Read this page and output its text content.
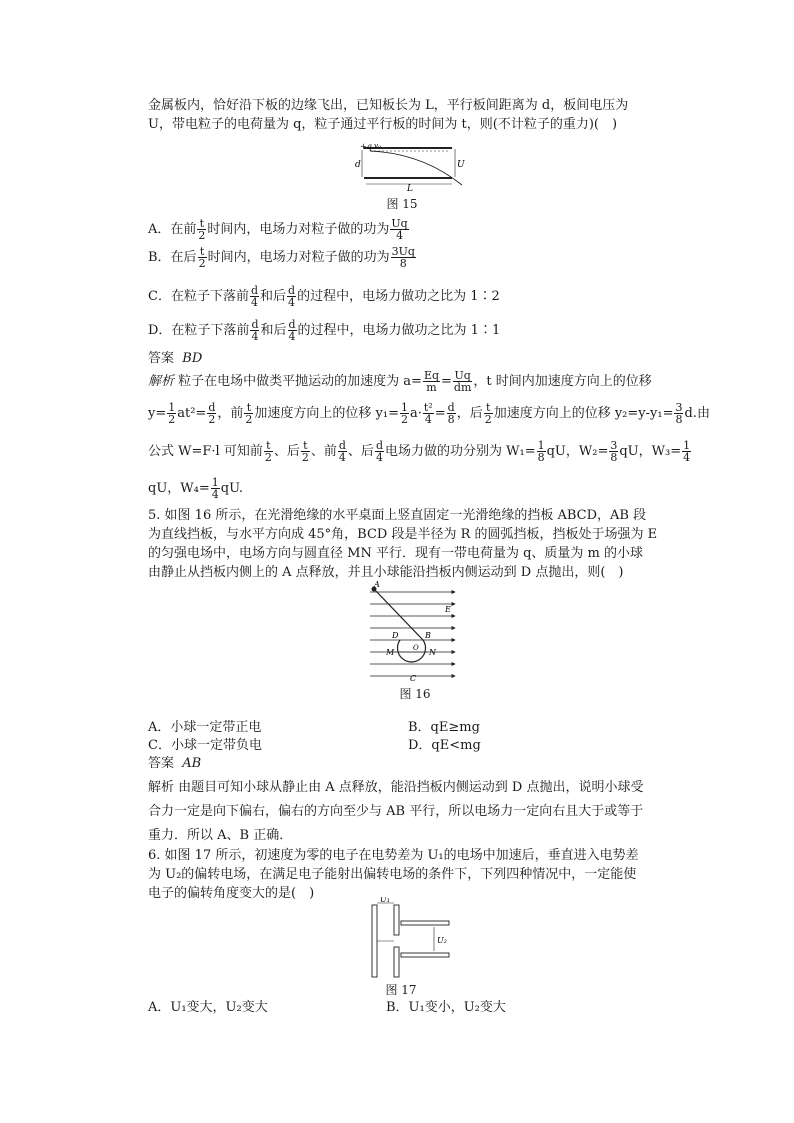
金属板内，恰好沿下板的边缘飞出，已知板长为 L，平行板间距离为 d，板间电压为
U，带电粒子的电荷量为 q，粒子通过平行板的时间为 t，则(不计粒子的重力)(　)
+q v₀
d	U
L
图 15
A．在前 $\frac{t}{2}$ 时间内，电场力对粒子做的功为 $\frac{Uq}{4}$
B．在后 $\frac{t}{2}$ 时间内，电场力对粒子做的功为 $\frac{3Uq}{8}$
C．在粒子下落前 $\frac{d}{4}$ 和后 $\frac{d}{4}$ 的过程中，电场力做功之比为 1∶2
D．在粒子下落前 $\frac{d}{4}$ 和后 $\frac{d}{4}$ 的过程中，电场力做功之比为 1∶1
答案 BD
解析 粒子在电场中做类平抛运动的加速度为 $a= \frac{Eq}{m} = \frac{Uq}{dm}$ ，t 时间内加速度方向上的位移
$y= \frac{1}{2} at^2= \frac{d}{2}$ ，前 $\frac{t}{2}$ 加速度方向上的位移 $y_1= \frac{1}{2} a\cdot \frac{\text{t²}}{4} = \frac{d}{8}$ ，后 $\frac{t}{2}$ 加速度方向上的位移 $y_2=y-y_1= \frac{3}{8} d$.由
公式 W=F·l 可知前 $\frac{t}{2}$ 、后 $\frac{t}{2}$ 、前 $\frac{d}{4}$ 、后 $\frac{d}{4}$ 电场力做的功分别为 $W_1= \frac{1}{8}$ qU，$W_2= \frac{3}{8}$ qU，$W_3= \frac{1}{4}$
qU，$W_4= \frac{1}{4}$ qU.
5. 如图 16 所示，在光滑绝缘的水平桌面上竖直固定一光滑绝缘的挡板 ABCD，AB 段
为直线挡板，与水平方向成 45°角，BCD 段是半径为 R 的圆弧挡板，挡板处于场强为 E
的匀强电场中，电场方向与圆直径 MN 平行．现有一带电荷量为 q、质量为 m 的小球
由静止从挡板内侧上的 A 点释放，并且小球能沿挡板内侧运动到 D 点抛出，则(　)
A
E
D	B
M	O N
C
图 16
A．小球一定带正电	B．qE≥mg
C．小球一定带负电	D．qE<mg
答案 AB
解析 由题目可知小球从静止由 A 点释放，能沿挡板内侧运动到 D 点抛出，说明小球受
合力一定是向下偏右，偏右的方向至少与 AB 平行，所以电场力一定向右且大于或等于
重力．所以 A、B 正确．
6. 如图 17 所示，初速度为零的电子在电势差为 U₁的电场中加速后，垂直进入电势差
为 U₂的偏转电场，在满足电子能射出偏转电场的条件下，下列四种情况中，一定能使
电子的偏转角度变大的是(　)	U₁
U₂
图 17
A．U₁变大，U₂变大	B．U₁变小，U₂变大
